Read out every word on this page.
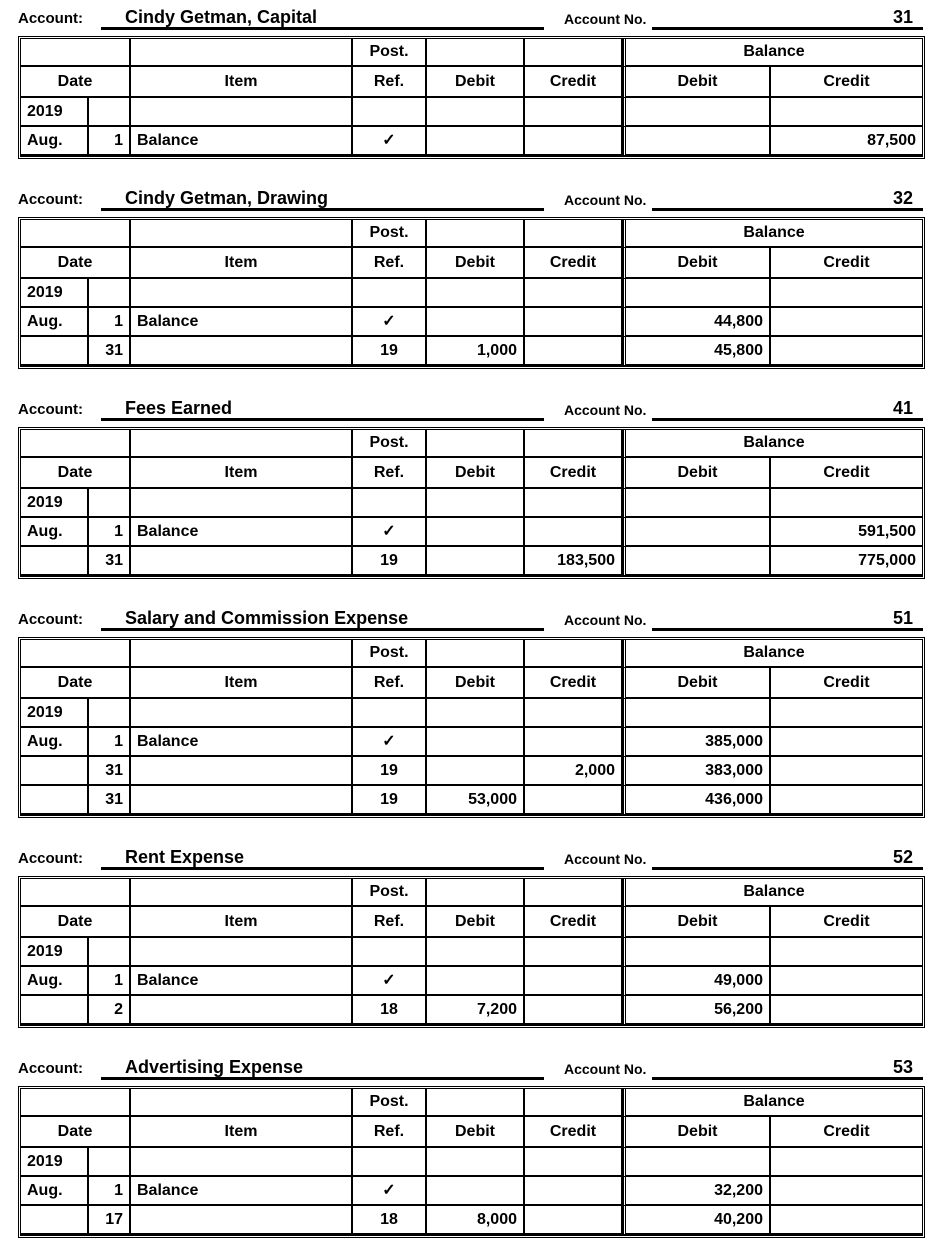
Account:	Cindy Getman, Capital	Account No.	31
			Post.			Balance	
Date		Item	Ref.	Debit	Credit	Debit	Credit
2019							
Aug.	1	Balance	✓				87,500
Account:	Cindy Getman, Drawing	Account No.	32
			Post.			Balance	
Date		Item	Ref.	Debit	Credit	Debit	Credit
2019							
Aug.	1	Balance	✓			44,800	
	31		19	1,000		45,800	
Account:	Fees Earned	Account No.	41
			Post.			Balance	
Date		Item	Ref.	Debit	Credit	Debit	Credit
2019							
Aug.	1	Balance	✓				591,500
	31		19		183,500		775,000
Account:	Salary and Commission Expense	Account No.	51
			Post.			Balance	
Date		Item	Ref.	Debit	Credit	Debit	Credit
2019							
Aug.	1	Balance	✓			385,000	
	31		19		2,000	383,000	
	31		19	53,000		436,000	
Account:	Rent Expense	Account No.	52
			Post.			Balance	
Date		Item	Ref.	Debit	Credit	Debit	Credit
2019							
Aug.	1	Balance	✓			49,000	
	2		18	7,200		56,200	
Account:	Advertising Expense	Account No.	53
			Post.			Balance	
Date		Item	Ref.	Debit	Credit	Debit	Credit
2019							
Aug.	1	Balance	✓			32,200	
	17		18	8,000		40,200	
